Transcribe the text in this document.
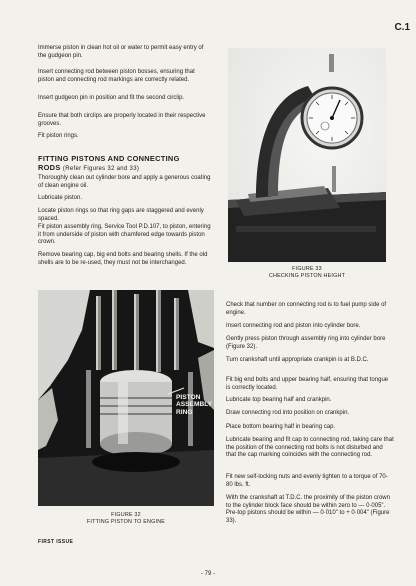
C.1

Immerse piston in clean hot oil or water to permit easy entry of the gudgeon pin.

Insert connecting rod between piston bosses, ensuring that piston and connecting rod markings are correctly related.

Insert gudgeon pin in position and fit the second circlip.

Ensure that both circlips are properly located in their respective grooves.

Fit piston rings.

FITTING PISTONS AND CONNECTING
RODS (Refer Figures 32 and 33)

Thoroughly clean out cylinder bore and apply a generous coating of clean engine oil.

Lubricate piston.

Locate piston rings so that ring gaps are staggered and evenly spaced.

Fit piston assembly ring, Service Tool P.D.107, to piston, entering it from underside of piston with chamfered edge towards piston crown.

Remove bearing cap, big end bolts and bearing shells. If the old shells are to be re-used, they must not be interchanged.

FIGURE 33
CHECKING PISTON HEIGHT
PISTON
ASSEMBLY
RING
FIGURE 32
FITTING PISTON TO ENGINE

Check that number on connecting rod is to fuel pump side of engine.

Insert connecting rod and piston into cylinder bore.

Gently press piston through assembly ring into cylinder bore (Figure 32).

Turn crankshaft until appropriate crankpin is at B.D.C.

Fit big end bolts and upper bearing half, ensuring that tongue is correctly located.

Lubricate top bearing half and crankpin.

Draw connecting rod into position on crankpin.

Place bottom bearing half in bearing cap.

Lubricate bearing and fit cap to connecting rod, taking care that the position of the connecting rod bolts is not disturbed and that the cap marking coincides with the connecting rod.

Fit new self-locking nuts and evenly tighten to a torque of 70-80 lbs. ft.

With the crankshaft at T.D.C. the proximity of the piston crown to the cylinder block face should be within zero to — 0·005". Pre-top pistons should be within — 0·010" to + 0·004" (Figure 33).

FIRST ISSUE
- 79 -
